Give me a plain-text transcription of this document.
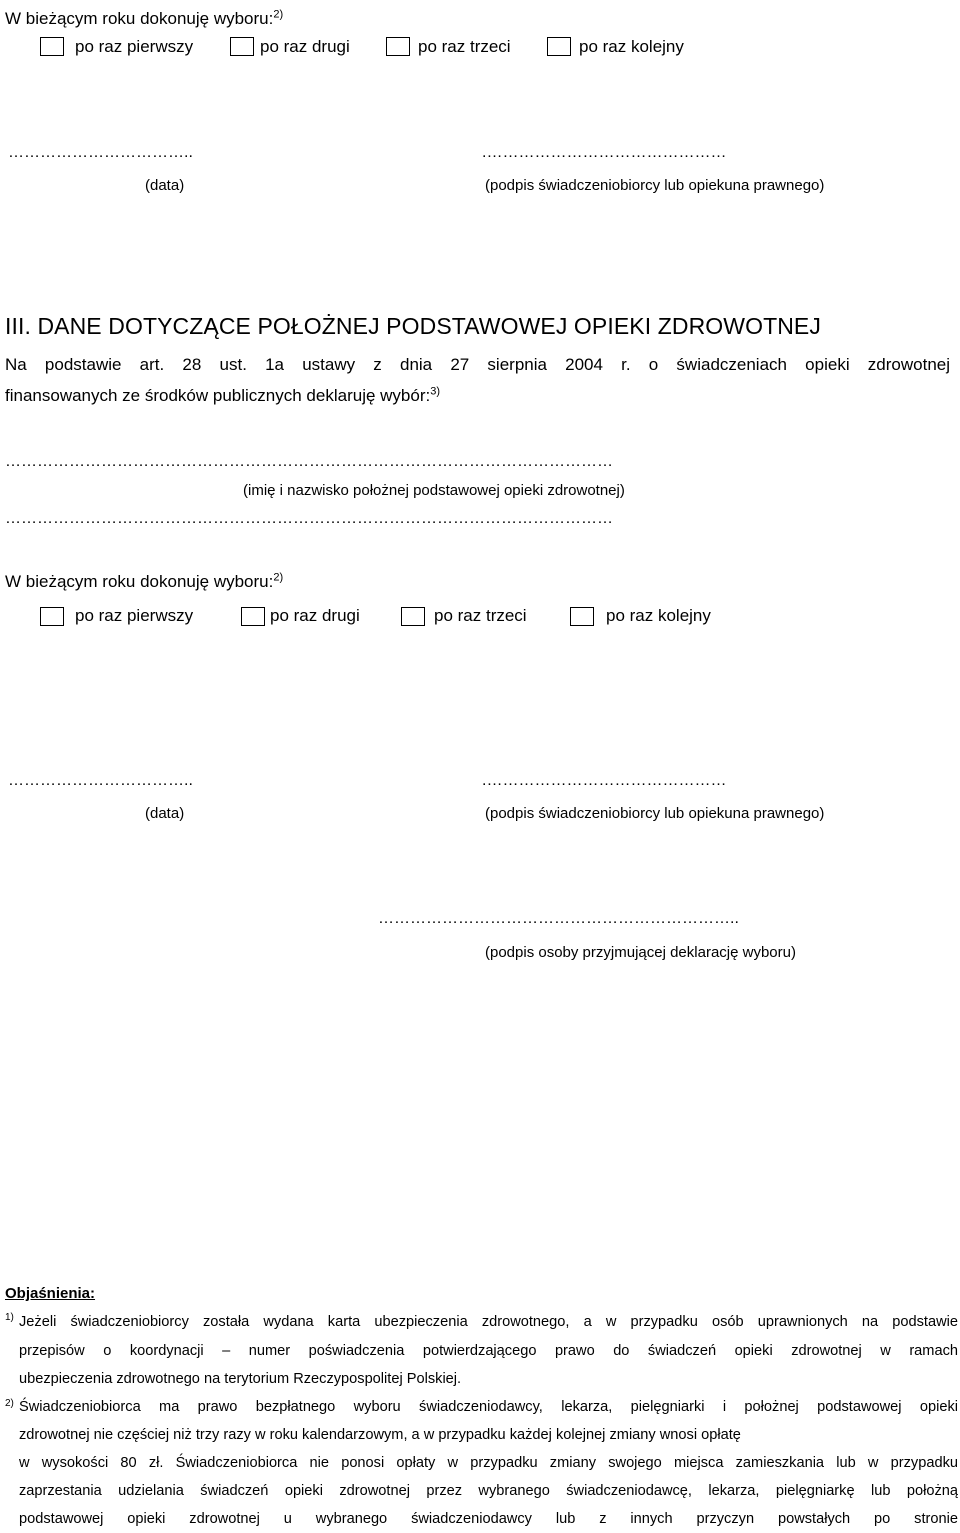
W bieżącym roku dokonuję wyboru:$^{2)}$
po raz pierwszy	po raz drugi	po raz trzeci	po raz kolejny
……………………………..	.………………………………………
(data)	(podpis świadczeniobiorcy lub opiekuna prawnego)
III. DANE DOTYCZĄCE POŁOŻNEJ PODSTAWOWEJ OPIEKI ZDROWOTNEJ
Na podstawie art. 28 ust. 1a ustawy z dnia 27 sierpnia 2004 r. o świadczeniach opieki zdrowotnej
finansowanych ze środków publicznych deklaruję wybór:$^{3)}$
……………………………………………………………………………………………………
(imię i nazwisko położnej podstawowej opieki zdrowotnej)
……………………………………………………………………………………………………
W bieżącym roku dokonuję wyboru:$^{2)}$
po raz pierwszy	po raz drugi	po raz trzeci	po raz kolejny
……………………………..	.………………………………………
(data)	(podpis świadczeniobiorcy lub opiekuna prawnego)
…………………………………………………………..
(podpis osoby przyjmującej deklarację wyboru)
Objaśnienia:
1) Jeżeli świadczeniobiorcy została wydana karta ubezpieczenia zdrowotnego, a w przypadku osób uprawnionych na podstawie
przepisów o koordynacji – numer poświadczenia potwierdzającego prawo do świadczeń opieki zdrowotnej w ramach
ubezpieczenia zdrowotnego na terytorium Rzeczypospolitej Polskiej.
2) Świadczeniobiorca ma prawo bezpłatnego wyboru świadczeniodawcy, lekarza, pielęgniarki i położnej podstawowej opieki
zdrowotnej nie częściej niż trzy razy w roku kalendarzowym, a w przypadku każdej kolejnej zmiany wnosi opłatę
w wysokości 80 zł. Świadczeniobiorca nie ponosi opłaty w przypadku zmiany swojego miejsca zamieszkania lub w przypadku
zaprzestania udzielania świadczeń opieki zdrowotnej przez wybranego świadczeniodawcę, lekarza, pielęgniarkę lub położną
podstawowej opieki zdrowotnej u wybranego świadczeniodawcy lub z innych przyczyn powstałych po stronie
